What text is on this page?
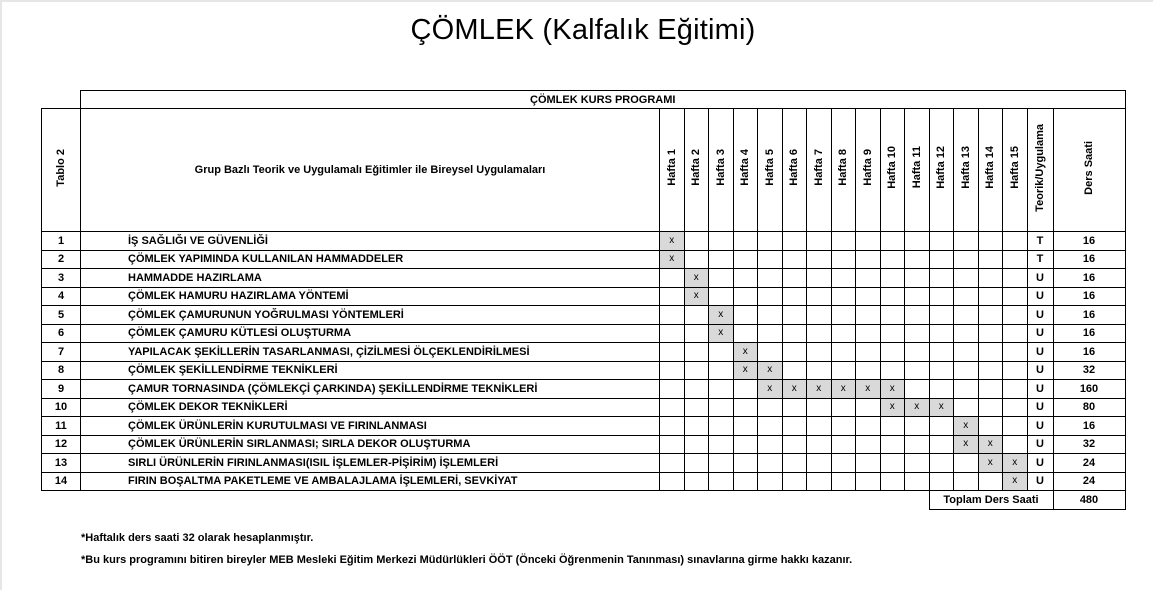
ÇÖMLEK (Kalfalık Eğitimi)
	ÇÖMLEK KURS PROGRAMI																	
Tablo 2	Grup Bazlı Teorik ve Uygulamalı Eğitimler ile Bireysel Uygulamaları	Hafta 1	Hafta 2	Hafta 3	Hafta 4	Hafta 5	Hafta 6	Hafta 7	Hafta 8	Hafta 9	Hafta 10	Hafta 11	Hafta 12	Hafta 13	Hafta 14	Hafta 15	Teorik/Uygulama	Ders Saati
1	İŞ SAĞLIĞI VE GÜVENLİĞİ	x															T	16
2	ÇÖMLEK YAPIMINDA KULLANILAN HAMMADDELER	x															T	16
3	HAMMADDE HAZIRLAMA		x														U	16
4	ÇÖMLEK HAMURU HAZIRLAMA YÖNTEMİ		x														U	16
5	ÇÖMLEK ÇAMURUNUN YOĞRULMASI YÖNTEMLERİ			x													U	16
6	ÇÖMLEK ÇAMURU KÜTLESİ OLUŞTURMA			x													U	16
7	YAPILACAK ŞEKİLLERİN TASARLANMASI, ÇİZİLMESİ ÖLÇEKLENDİRİLMESİ				x												U	16
8	ÇÖMLEK ŞEKİLLENDİRME TEKNİKLERİ				x	x											U	32
9	ÇAMUR TORNASINDA (ÇÖMLEKÇİ ÇARKINDA) ŞEKİLLENDİRME TEKNİKLERİ					x	x	x	x	x	x						U	160
10	ÇÖMLEK DEKOR TEKNİKLERİ										x	x	x				U	80
11	ÇÖMLEK ÜRÜNLERİN KURUTULMASI VE FIRINLANMASI													x			U	16
12	ÇÖMLEK ÜRÜNLERİN SIRLANMASI; SIRLA DEKOR OLUŞTURMA													x	x		U	32
13	SIRLI ÜRÜNLERİN FIRINLANMASI(ISIL İŞLEMLER-PİŞİRİM) İŞLEMLERİ														x	x	U	24
14	FIRIN BOŞALTMA PAKETLEME VE AMBALAJLAMA İŞLEMLERİ, SEVKİYAT															x	U	24
													Toplam Ders Saati					480

*Haftalık ders saati 32 olarak hesaplanmıştır.

*Bu kurs programını bitiren bireyler MEB Mesleki Eğitim Merkezi Müdürlükleri ÖÖT (Önceki Öğrenmenin Tanınması) sınavlarına girme hakkı kazanır.
